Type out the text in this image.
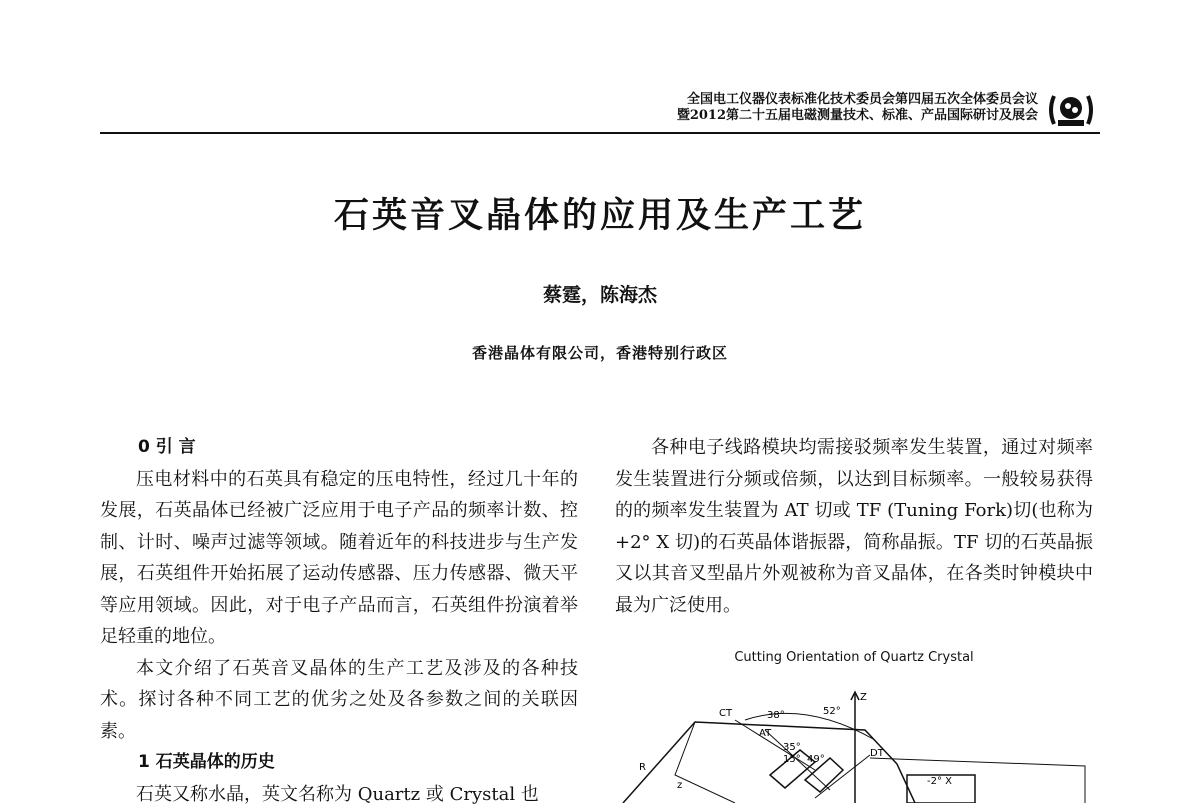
全国电工仪器仪表标准化技术委员会第四届五次全体委员会议
暨2012第二十五届电磁测量技术、标准、产品国际研讨及展会
石英音叉晶体的应用及生产工艺
蔡霆，陈海杰
香港晶体有限公司，香港特别行政区
0 引 言

压电材料中的石英具有稳定的压电特性，经过几十年的发展，石英晶体已经被广泛应用于电子产品的频率计数、控制、计时、噪声过滤等领域。随着近年的科技进步与生产发展，石英组件开始拓展了运动传感器、压力传感器、微天平等应用领域。因此，对于电子产品而言，石英组件扮演着举足轻重的地位。

本文介绍了石英音叉晶体的生产工艺及涉及的各种技术。探讨各种不同工艺的优劣之处及各参数之间的关联因素。

1 石英晶体的历史

石英又称水晶，英文名称为 Quartz 或 Crystal 也

各种电子线路模块均需接驳频率发生装置，通过对频率发生装置进行分频或倍频，以达到目标频率。一般较易获得的的频率发生装置为 AT 切或 TF (Tuning Fork)切(也称为 +2° X 切)的石英晶体谐振器，简称晶振。TF 切的石英晶振又以其音叉型晶片外观被称为音叉晶体，在各类时钟模块中最为广泛使用。

Cutting Orientation of Quartz Crystal
Z
CT	38°	52°
AT
35°
15° 49°
DT
R
z	-2° X
